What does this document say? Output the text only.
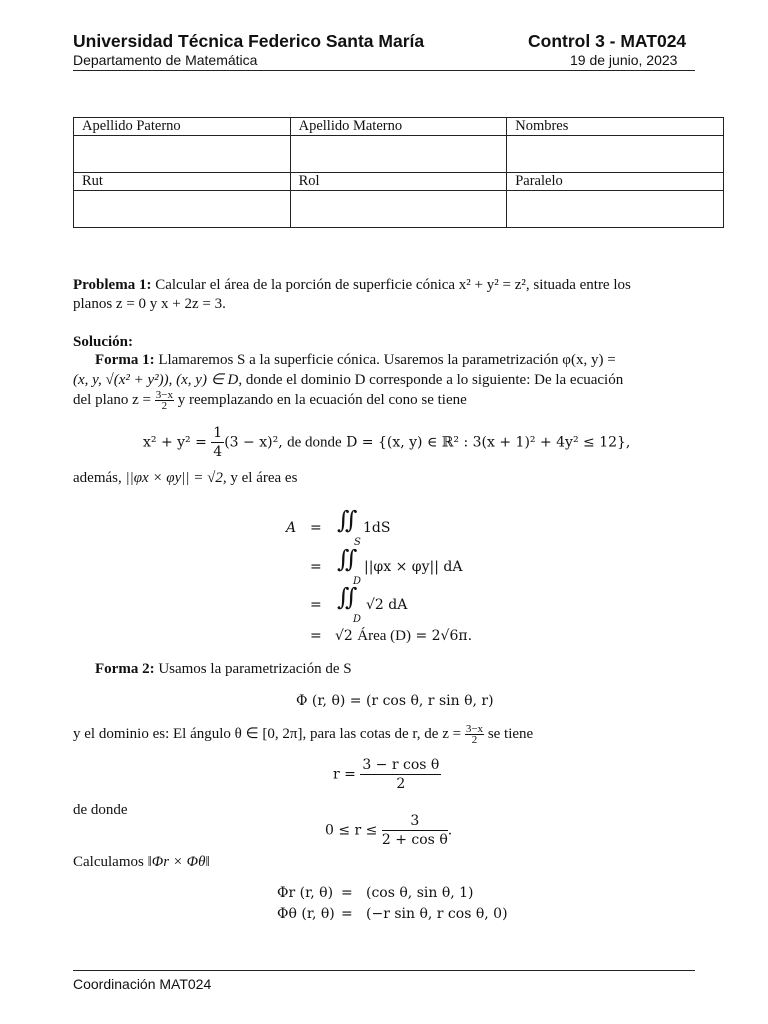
Universidad Técnica Federico Santa María	Control 3 - MAT024
Departamento de Matemática	19 de junio, 2023
Apellido Paterno	Apellido Materno	Nombres

Rut	Rol	Paralelo

Problema 1: Calcular el área de la porción de superficie cónica x² + y² = z², situada entre los
planos z = 0 y x + 2z = 3.
Solución:
Forma 1: Llamaremos S a la superficie cónica. Usaremos la parametrización φ(x, y) =
(x, y, √(x² + y²)), (x, y) ∈ D, donde el dominio D corresponde a lo siguiente: De la ecuación
del plano $z = \frac{3-x}{2}$ y reemplazando en la ecuación del cono se tiene
$x^2 + y^2 = \frac{1}{4} (3 - x)^2$, de donde D = {(x, y) ∈ ℝ² : 3(x + 1)² + 4y² ≤ 12},
además, ||φx × φy|| = √2, y el área es
A = ∬
S
1dS
= ∬
D
||φx × φy|| dA
= ∬
D
√2 dA
= √2 Área (D) = 2√6π.
Forma 2: Usamos la parametrización de S
Φ (r, θ) = (r cos θ, r sin θ, r)
y el dominio es: El ángulo θ ∈ [0, 2π], para las cotas de r, de $z = \frac{3-x}{2}$ se tiene
$r = \frac{\text{3 − r cos θ}}{2}$
de donde
$0 \le r \le \frac{3}{\text{2 + cos θ}}$ .
Calculamos ‖Φr × Φθ‖
Φr (r, θ) = (cos θ, sin θ, 1)
Φθ (r, θ) = (−r sin θ, r cos θ, 0)
Coordinación MAT024
